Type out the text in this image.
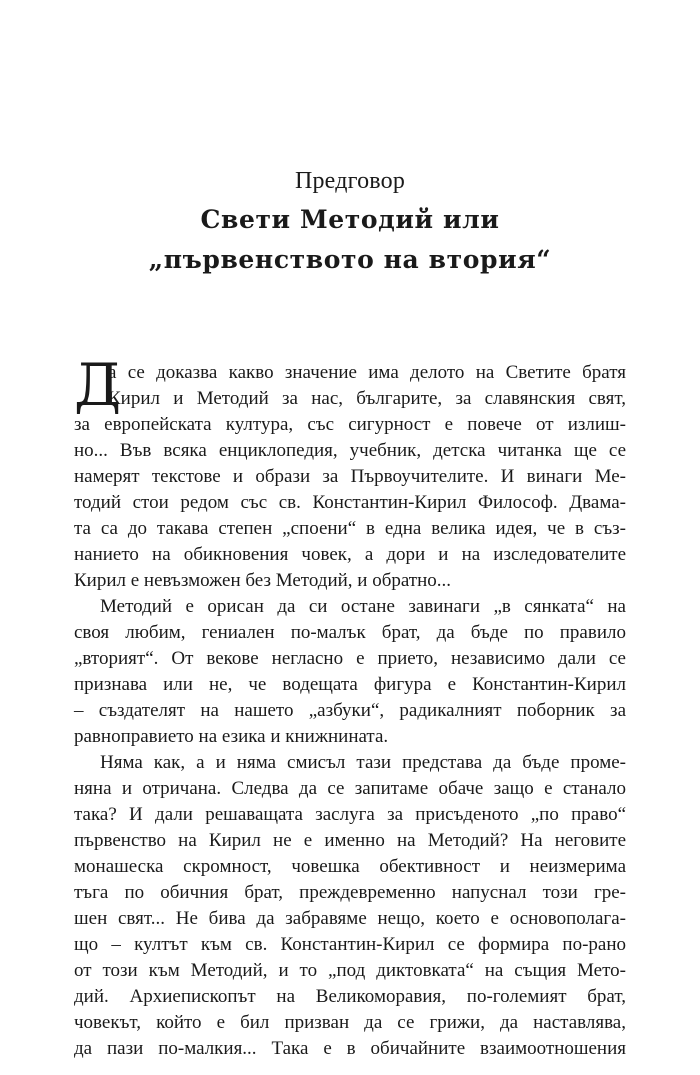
Предговор
Свети Методий или
„първенството на втория“
Д
а се доказва какво значение има делото на Светите братя
Кирил и Методий за нас, българите, за славянския свят,
за европейската култура, със сигурност е повече от излиш-
но... Във всяка енциклопедия, учебник, детска читанка ще се
намерят текстове и образи за Първоучителите. И винаги Ме-
тодий стои редом със св. Константин-Кирил Философ. Двама-
та са до такава степен „споени“ в една велика идея, че в съз-
нанието на обикновения човек, а дори и на изследователите
Кирил е невъзможен без Методий, и обратно...
Методий е орисан да си остане завинаги „в сянката“ на
своя любим, гениален по-малък брат, да бъде по правило
„вторият“. От векове негласно е прието, независимо дали се
признава или не, че водещата фигура е Константин-Кирил
– създателят на нашето „азбуки“, радикалният поборник за
равноправието на езика и книжнината.
Няма как, а и няма смисъл тази представа да бъде проме-
няна и отричана. Следва да се запитаме обаче защо е станало
така? И дали решаващата заслуга за присъденото „по право“
първенство на Кирил не е именно на Методий? На неговите
монашеска скромност, човешка обективност и неизмерима
тъга по обичния брат, преждевременно напуснал този гре-
шен свят... Не бива да забравяме нещо, което е основополага-
що – култът към св. Константин-Кирил се формира по-рано
от този към Методий, и то „под диктовката“ на същия Мето-
дий. Архиепископът на Великоморавия, по-големият брат,
човекът, който е бил призван да се грижи, да наставлява,
да пази по-малкия... Така е в обичайните взаимоотношения
